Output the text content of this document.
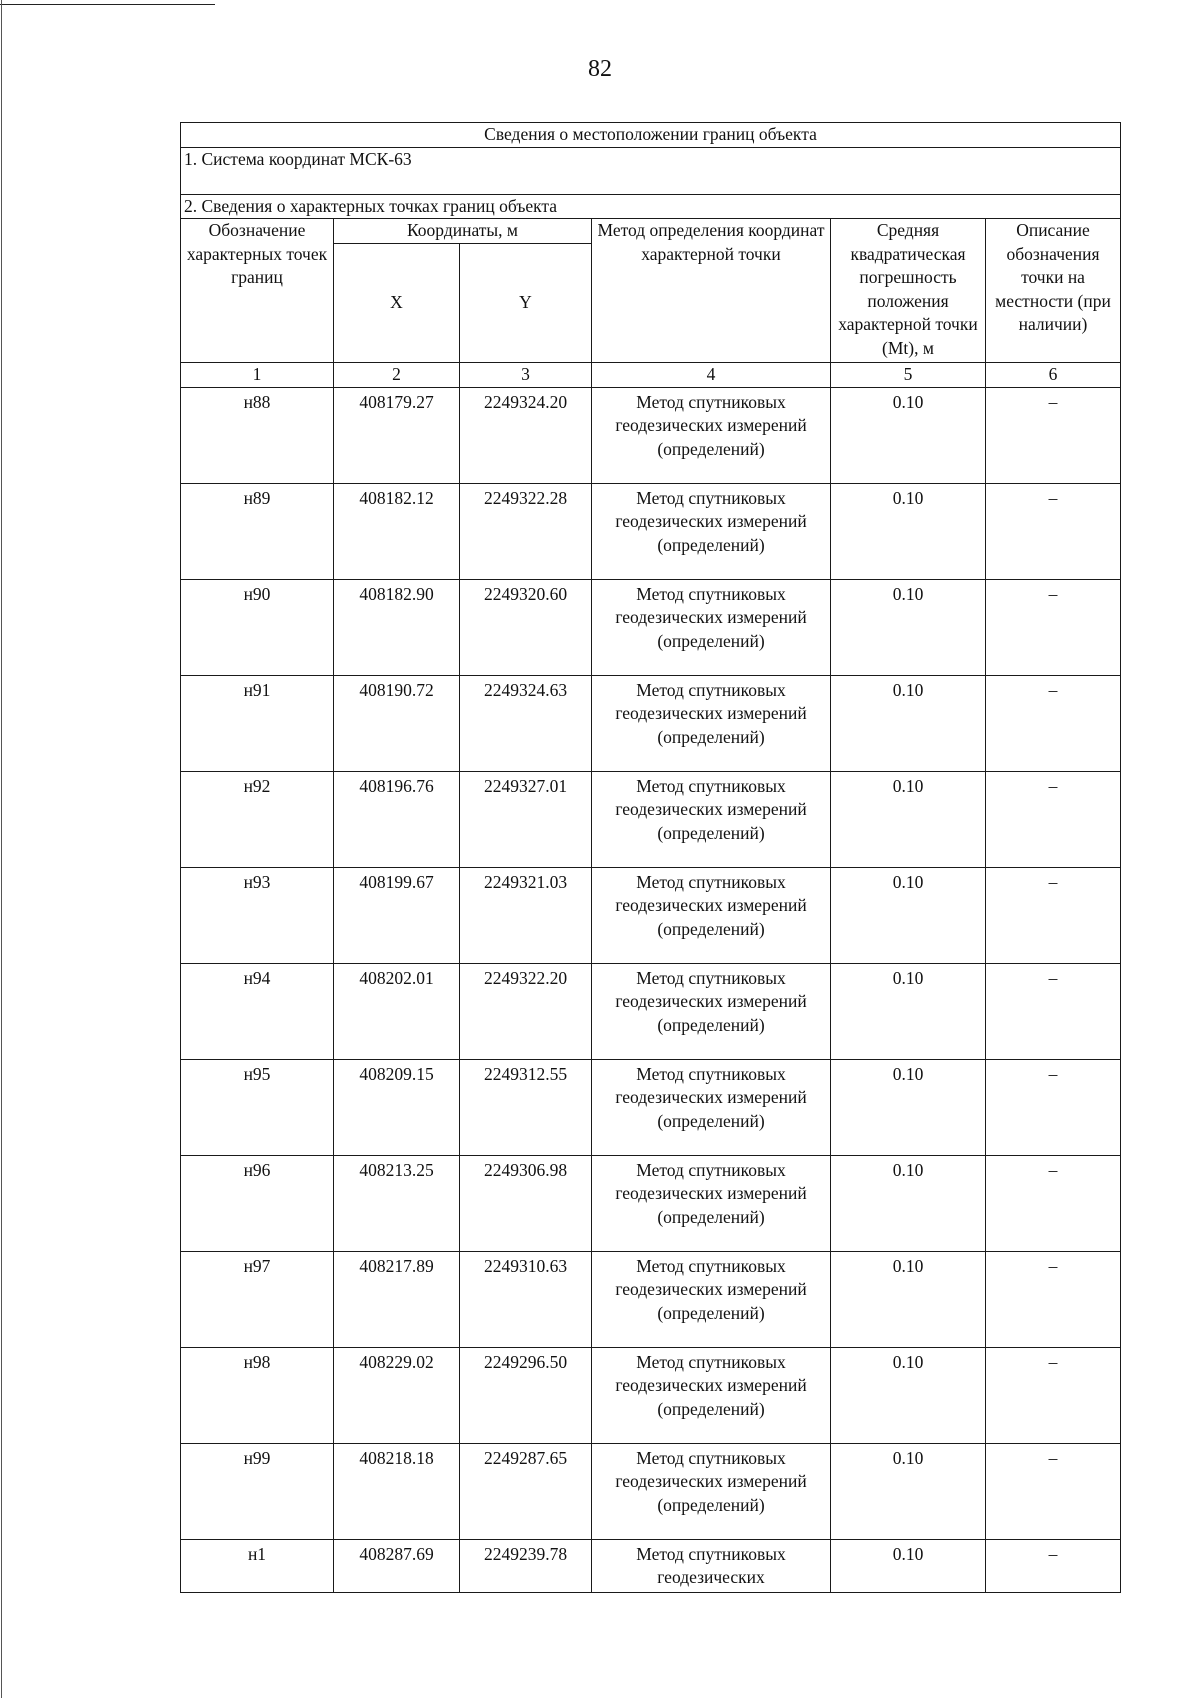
82
Сведения о местоположении границ объекта					
1. Система координат МСК-63					
2. Сведения о характерных точках границ объекта					
Обозначение характерных точек границ	Координаты, м		Метод определения координат характерной точки	Средняя квадратическая погрешность положения характерной точки (Mt), м	Описание обозначения точки на местности (при наличии)
	X	Y			
1	2	3	4	5	6
н88	408179.27	2249324.20	Метод спутниковых геодезических измерений (определений)	0.10	–
н89	408182.12	2249322.28	Метод спутниковых геодезических измерений (определений)	0.10	–
н90	408182.90	2249320.60	Метод спутниковых геодезических измерений (определений)	0.10	–
н91	408190.72	2249324.63	Метод спутниковых геодезических измерений (определений)	0.10	–
н92	408196.76	2249327.01	Метод спутниковых геодезических измерений (определений)	0.10	–
н93	408199.67	2249321.03	Метод спутниковых геодезических измерений (определений)	0.10	–
н94	408202.01	2249322.20	Метод спутниковых геодезических измерений (определений)	0.10	–
н95	408209.15	2249312.55	Метод спутниковых геодезических измерений (определений)	0.10	–
н96	408213.25	2249306.98	Метод спутниковых геодезических измерений (определений)	0.10	–
н97	408217.89	2249310.63	Метод спутниковых геодезических измерений (определений)	0.10	–
н98	408229.02	2249296.50	Метод спутниковых геодезических измерений (определений)	0.10	–
н99	408218.18	2249287.65	Метод спутниковых геодезических измерений (определений)	0.10	–
н1	408287.69	2249239.78	Метод спутниковых геодезических	0.10	–
